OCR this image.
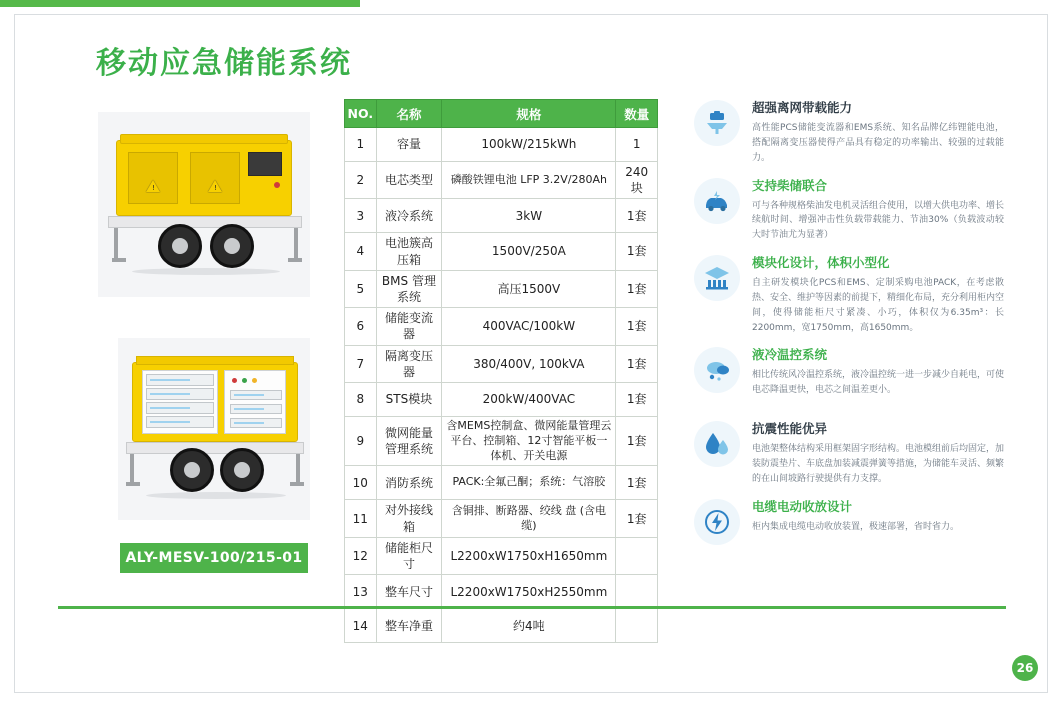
移动应急储能系统
!	!
ALY-MESV-100/215-01
NO.	名称	规格	数量
1	容量	100kW/215kWh	1
2	电芯类型	磷酸铁锂电池 LFP 3.2V/280Ah	240块
3	液冷系统	3kW	1套
4	电池簇高压箱	1500V/250A	1套
5	BMS 管理系统	高压1500V	1套
6	储能变流器	400VAC/100kW	1套
7	隔离变压器	380/400V, 100kVA	1套
8	STS模块	200kW/400VAC	1套
9	微网能量管理系统	含MEMS控制盒、微网能量管理云平台、控制箱、12寸智能平板一体机、开关电源	1套
10	消防系统	PACK:全氟己酮；系统：气溶胶	1套
11	对外接线箱	含铜排、断路器、绞线 盘 (含电缆)	1套
12	储能柜尺寸	L2200xW1750xH1650mm	
13	整车尺寸	L2200xW1750xH2550mm	
14	整车净重	约4吨	
超强离网带载能力
高性能PCS储能变流器和EMS系统、知名品牌亿纬锂能电池，搭配隔离变压器使得产品具有稳定的功率输出、较强的过载能力。
支持柴储联合
可与各种规格柴油发电机灵活组合使用，以增大供电功率、增长续航时间、增强冲击性负载带载能力、节油30%（负载波动较大时节油尤为显著）
模块化设计，体积小型化
自主研发模块化PCS和EMS、定制采购电池PACK，在考虑散热、安全、维护等因素的前提下，精细化布局，充分利用柜内空间，使得储能柜尺寸紧凑、小巧，体积仅为6.35m³：长2200mm，宽1750mm，高1650mm。
液冷温控系统
相比传统风冷温控系统，液冷温控统一进一步减少自耗电，可使电芯降温更快，电芯之间温差更小。
抗震性能优异
电池架整体结构采用框架固字形结构。电池模组前后均固定，加装防震垫片、车底盘加装减震弹簧等措施，为储能车灵活、频繁的在山间坡路行驶提供有力支撑。
电缆电动收放设计
柜内集成电缆电动收放装置，极速部署，省时省力。
26
